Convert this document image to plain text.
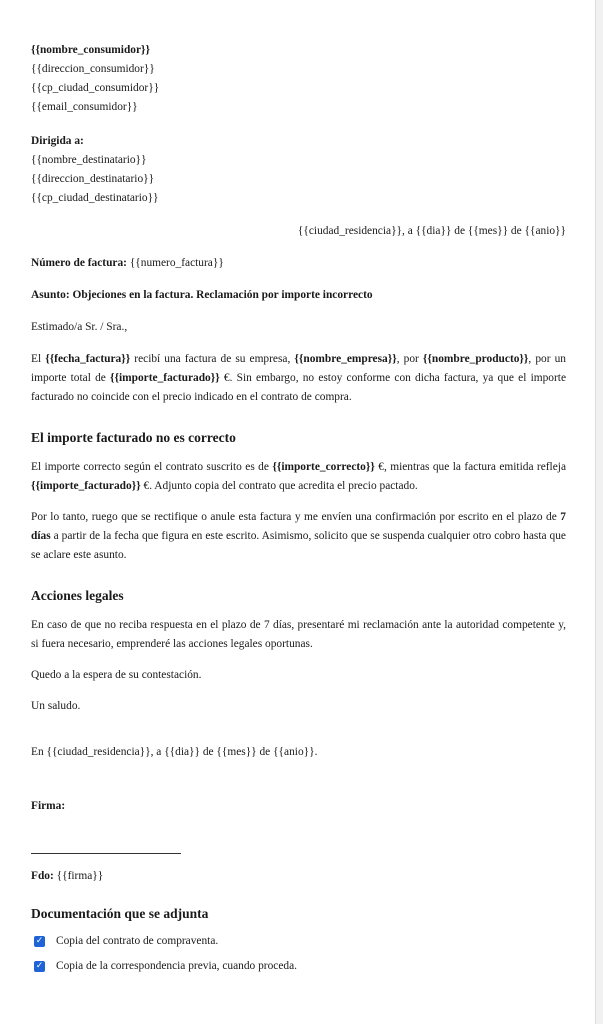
{{nombre_consumidor}}
{{direccion_consumidor}}
{{cp_ciudad_consumidor}}
{{email_consumidor}}
Dirigida a:
{{nombre_destinatario}}
{{direccion_destinatario}}
{{cp_ciudad_destinatario}}
{{ciudad_residencia}}, a {{dia}} de {{mes}} de {{anio}}
Número de factura: {{numero_factura}}
Asunto: Objeciones en la factura. Reclamación por importe incorrecto
Estimado/a Sr. / Sra.,

El {{fecha_factura}} recibí una factura de su empresa, {{nombre_empresa}}, por {{nombre_producto}}, por un importe total de {{importe_facturado}} €. Sin embargo, no estoy conforme con dicha factura, ya que el importe facturado no coincide con el precio indicado en el contrato de compra.

El importe facturado no es correcto

El importe correcto según el contrato suscrito es de {{importe_correcto}} €, mientras que la factura emitida refleja {{importe_facturado}} €. Adjunto copia del contrato que acredita el precio pactado.

Por lo tanto, ruego que se rectifique o anule esta factura y me envíen una confirmación por escrito en el plazo de 7 días a partir de la fecha que figura en este escrito. Asimismo, solicito que se suspenda cualquier otro cobro hasta que se aclare este asunto.

Acciones legales

En caso de que no reciba respuesta en el plazo de 7 días, presentaré mi reclamación ante la autoridad competente y, si fuera necesario, emprenderé las acciones legales oportunas.

Quedo a la espera de su contestación.

Un saludo.

En {{ciudad_residencia}}, a {{dia}} de {{mes}} de {{anio}}.
Firma:
Fdo: {{firma}}
Documentación que se adjunta
✓ Copia del contrato de compraventa.
✓ Copia de la correspondencia previa, cuando proceda.
